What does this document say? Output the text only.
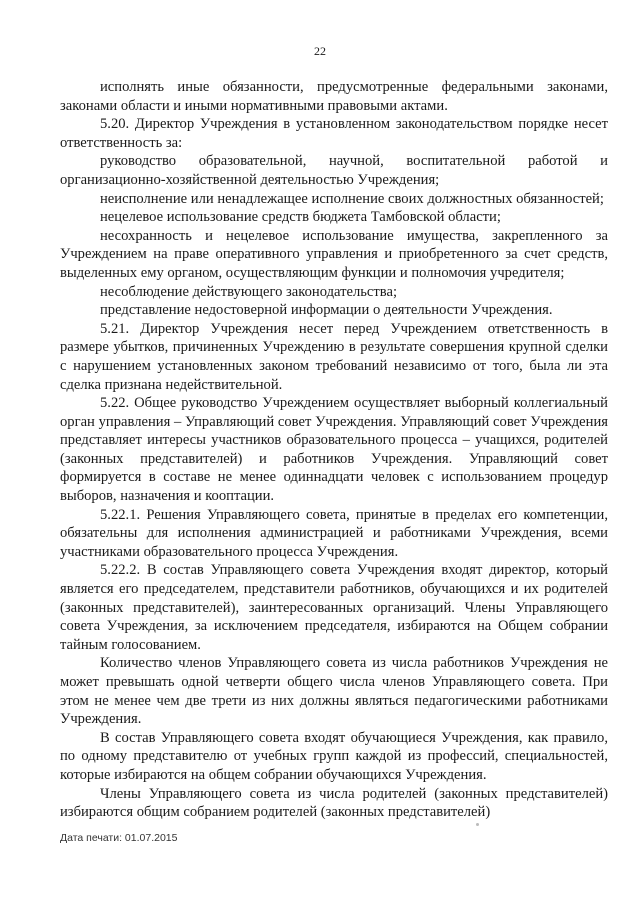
22

исполнять иные обязанности, предусмотренные федеральными законами, законами области и иными нормативными правовыми актами.

5.20. Директор Учреждения в установленном законодательством порядке несет ответственность за:

руководство образовательной, научной, воспитательной работой и организационно-хозяйственной деятельностью Учреждения;

неисполнение или ненадлежащее исполнение своих должностных обязанностей;

нецелевое использование средств бюджета Тамбовской области;

несохранность и нецелевое использование имущества, закрепленного за Учреждением на праве оперативного управления и приобретенного за счет средств, выделенных ему органом, осуществляющим функции и полномочия учредителя;

несоблюдение действующего законодательства;

представление недостоверной информации о деятельности Учреждения.

5.21. Директор Учреждения несет перед Учреждением ответственность в размере убытков, причиненных Учреждению в результате совершения крупной сделки с нарушением установленных законом требований независимо от того, была ли эта сделка признана недействительной.

5.22. Общее руководство Учреждением осуществляет выборный коллегиальный орган управления – Управляющий совет Учреждения. Управляющий совет Учреждения представляет интересы участников образовательного процесса – учащихся, родителей (законных представителей) и работников Учреждения. Управляющий совет формируется в составе не менее одиннадцати человек с использованием процедур выборов, назначения и кооптации.

5.22.1. Решения Управляющего совета, принятые в пределах его компетенции, обязательны для исполнения администрацией и работниками Учреждения, всеми участниками образовательного процесса Учреждения.

5.22.2. В состав Управляющего совета Учреждения входят директор, который является его председателем, представители работников, обучающихся и их родителей (законных представителей), заинтересованных организаций. Члены Управляющего совета Учреждения, за исключением председателя, избираются на Общем собрании тайным голосованием.

Количество членов Управляющего совета из числа работников Учреждения не может превышать одной четверти общего числа членов Управляющего совета. При этом не менее чем две трети из них должны являться педагогическими работниками Учреждения.

В состав Управляющего совета входят обучающиеся Учреждения, как правило, по одному представителю от учебных групп каждой из профессий, специальностей, которые избираются на общем собрании обучающихся Учреждения.

Члены Управляющего совета из числа родителей (законных представителей) избираются общим собранием родителей (законных представителей)

Дата печати: 01.07.2015
